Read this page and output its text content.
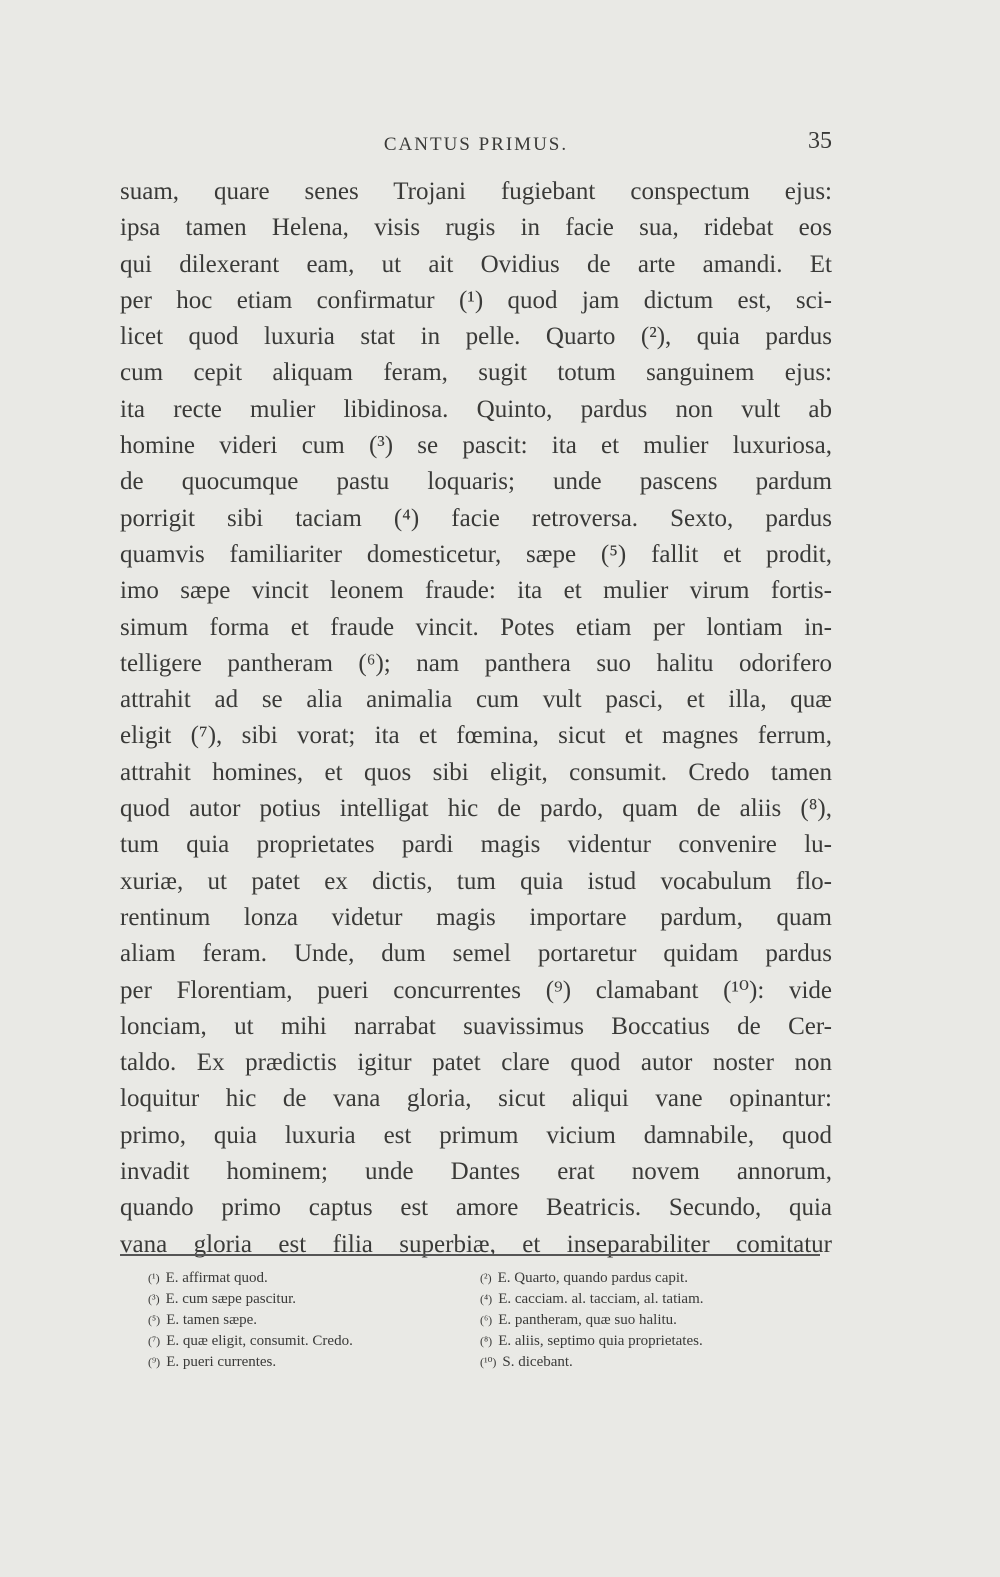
CANTUS PRIMUS.	35
suam, quare senes Trojani fugiebant conspectum ejus:
ipsa tamen Helena, visis rugis in facie sua, ridebat eos
qui dilexerant eam, ut ait Ovidius de arte amandi. Et
per hoc etiam confirmatur (¹) quod jam dictum est, sci-
licet quod luxuria stat in pelle. Quarto (²), quia pardus
cum cepit aliquam feram, sugit totum sanguinem ejus:
ita recte mulier libidinosa. Quinto, pardus non vult ab
homine videri cum (³) se pascit: ita et mulier luxuriosa,
de quocumque pastu loquaris; unde pascens pardum
porrigit sibi taciam (⁴) facie retroversa. Sexto, pardus
quamvis familiariter domesticetur, sæpe (⁵) fallit et prodit,
imo sæpe vincit leonem fraude: ita et mulier virum fortis-
simum forma et fraude vincit. Potes etiam per lontiam in-
telligere pantheram (⁶); nam panthera suo halitu odorifero
attrahit ad se alia animalia cum vult pasci, et illa, quæ
eligit (⁷), sibi vorat; ita et fœmina, sicut et magnes ferrum,
attrahit homines, et quos sibi eligit, consumit. Credo tamen
quod autor potius intelligat hic de pardo, quam de aliis (⁸),
tum quia proprietates pardi magis videntur convenire lu-
xuriæ, ut patet ex dictis, tum quia istud vocabulum flo-
rentinum lonza videtur magis importare pardum, quam
aliam feram. Unde, dum semel portaretur quidam pardus
per Florentiam, pueri concurrentes (⁹) clamabant (¹⁰): vide
lonciam, ut mihi narrabat suavissimus Boccatius de Cer-
taldo. Ex prædictis igitur patet clare quod autor noster non
loquitur hic de vana gloria, sicut aliqui vane opinantur:
primo, quia luxuria est primum vicium damnabile, quod
invadit hominem; unde Dantes erat novem annorum,
quando primo captus est amore Beatricis. Secundo, quia
vana gloria est filia superbiæ, et inseparabiliter comitatur
(¹) E. affirmat quod.
(³) E. cum sæpe pascitur.
(⁵) E. tamen sæpe.
(⁷) E. quæ eligit, consumit. Credo.
(⁹) E. pueri currentes.
(²) E. Quarto, quando pardus capit.
(⁴) E. cacciam. al. tacciam, al. tatiam.
(⁶) E. pantheram, quæ suo halitu.
(⁸) E. aliis, septimo quia proprietates.
(¹⁰) S. dicebant.
